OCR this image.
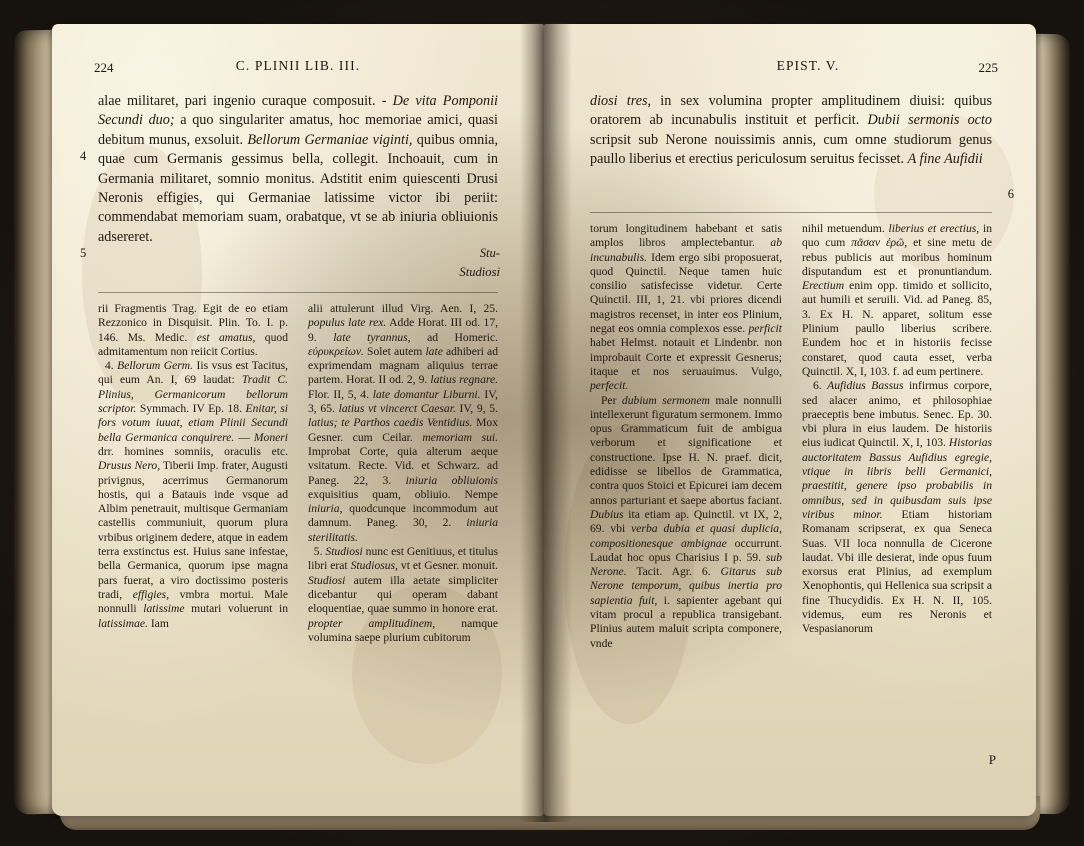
224	C. PLINII LIB. III.
alae militaret, pari ingenio curaque composuit. - De vita Pomponii Secundi duo; a quo singulariter amatus, hoc memoriae amici, quasi debitum munus, exsoluit. Bellorum Germaniae viginti, quibus omnia, quae cum Germanis gessimus bella, collegit. Inchoauit, cum in Germania militaret, somnio monitus. Adstitit enim quiescenti Drusi Neronis effigies, qui Germaniae latissime victor ibi periit: commendabat memoriam suam, orabatque, vt se ab iniuria obliuionis adsereret.
4
5	Stu-
Studiosi
rii Fragmentis Trag. Egit de eo etiam Rezzonico in Disquisit. Plin. To. I. p. 146. Ms. Medic. est amatus, quod admitamentum non reiicit Cortius.
4. Bellorum Germ. Iis vsus est Tacitus, qui eum An. I, 69 laudat: Tradit C. Plinius, Germanicorum bellorum scriptor. Symmach. IV Ep. 18. Enitar, si fors votum iuuat, etiam Plinii Secundi bella Germanica conquirere. — Moneri drr. homines somniis, oraculis etc. Drusus Nero, Tiberii Imp. frater, Augusti privignus, acerrimus Germanorum hostis, qui a Batauis inde vsque ad Albim penetrauit, multisque Germaniam castellis communiuit, quorum plura vrbibus originem dedere, atque in eadem terra exstinctus est. Huius sane infestae, bella Germanica, quorum ipse magna pars fuerat, a viro doctissimo posteris tradi, effigies, vmbra mortui. Male nonnulli latissime mutari voluerunt in latissimae. Iam
alii attulerunt illud Virg. Aen. I, 25. populus late rex. Adde Horat. III od. 17, 9. late tyrannus, ad Homeric. εὐρυκρείων. Solet autem late adhiberi ad exprimendam magnam aliquius terrae partem. Horat. II od. 2, 9. latius regnare. Flor. II, 5, 4. late domantur Liburni. IV, 3, 65. latius vt vincerct Caesar. IV, 9, 5. latius; te Parthos caedis Ventidius. Mox Gesner. cum Ceilar. memoriam sui. Improbat Corte, quia alterum aeque vsitatum. Recte. Vid. et Schwarz. ad Paneg. 22, 3. iniuria obliuionis exquisitius quam, obliuio. Nempe iniuria, quodcunque incommodum aut damnum. Paneg. 30, 2. iniuria sterilitatis.
5. Studiosi nunc est Genitiuus, et titulus libri erat Studiosus, vt et Gesner. monuit. Studiosi autem illa aetate simpliciter dicebantur qui operam dabant eloquentiae, quae summo in honore erat. propter amplitudinem, namque volumina saepe plurium cubitorum
225
EPIST. V.
diosi tres, in sex volumina propter amplitudinem diuisi: quibus oratorem ab incunabulis instituit et perficit. Dubii sermonis octo scripsit sub Nerone nouissimis annis, cum omne studiorum genus paullo liberius et erectius periculosum seruitus fecisset. A fine Aufidii
6
torum longitudinem habebant et satis amplos libros amplectebantur. ab incunabulis. Idem ergo sibi proposuerat, quod Quinctil. Neque tamen huic consilio satisfecisse videtur. Certe Quinctil. III, 1, 21. vbi priores dicendi magistros recenset, in inter eos Plinium, negat eos omnia complexos esse. perficit habet Helmst. notauit et Lindenbr. non improbauit Corte et expressit Gesnerus; itaque et nos seruauimus. Vulgo, perfecit.
Per dubium sermonem male nonnulli intellexerunt figuratum sermonem. Immo opus Grammaticum fuit de ambigua verborum et significatione et constructione. Ipse H. N. praef. dicit, edidisse se libellos de Grammatica, contra quos Stoici et Epicurei iam decem annos parturiant et saepe abortus faciant. Dubius ita etiam ap. Quinctil. vt IX, 2, 69. vbi verba dubia et quasi duplicia, compositionesque ambignae occurrunt. Laudat hoc opus Charisius I p. 59. sub Nerone. Tacit. Agr. 6. Gitarus sub Nerone temporum, quibus inertia pro sapientia fuit, i. sapienter agebant qui vitam procul a republica transigebant. Plinius autem maluit scripta componere, vnde
nihil metuendum. liberius et erectius, in quo cum πᾶσαν ἐρῶ, et sine metu de rebus publicis aut moribus hominum disputandum est et pronuntiandum. Erectium enim opp. timido et sollicito, aut humili et seruili. Vid. ad Paneg. 85, 3. Ex H. N. apparet, solitum esse Plinium paullo liberius scribere. Eundem hoc et in historiis fecisse constaret, quod cauta esset, verba Quinctil. X, I, 103. f. ad eum pertinere.
6. Aufidius Bassus infirmus corpore, sed alacer animo, et philosophiae praeceptis bene imbutus. Senec. Ep. 30. vbi plura in eius laudem. De historiis eius iudicat Quinctil. X, I, 103. Historias auctoritatem Bassus Aufidius egregie, vtique in libris belli Germanici, praestitit, genere ipso probabilis in omnibus, sed in quibusdam suis ipse viribus minor. Etiam historiam Romanam scripserat, ex qua Seneca Suas. VII loca nonnulla de Cicerone laudat. Vbi ille desierat, inde opus fuum exorsus erat Plinius, ad exemplum Xenophontis, qui Hellenica sua scripsit a fine Thucydidis. Ex H. N. II, 105. videmus, eum res Neronis et Vespasianorum
P
